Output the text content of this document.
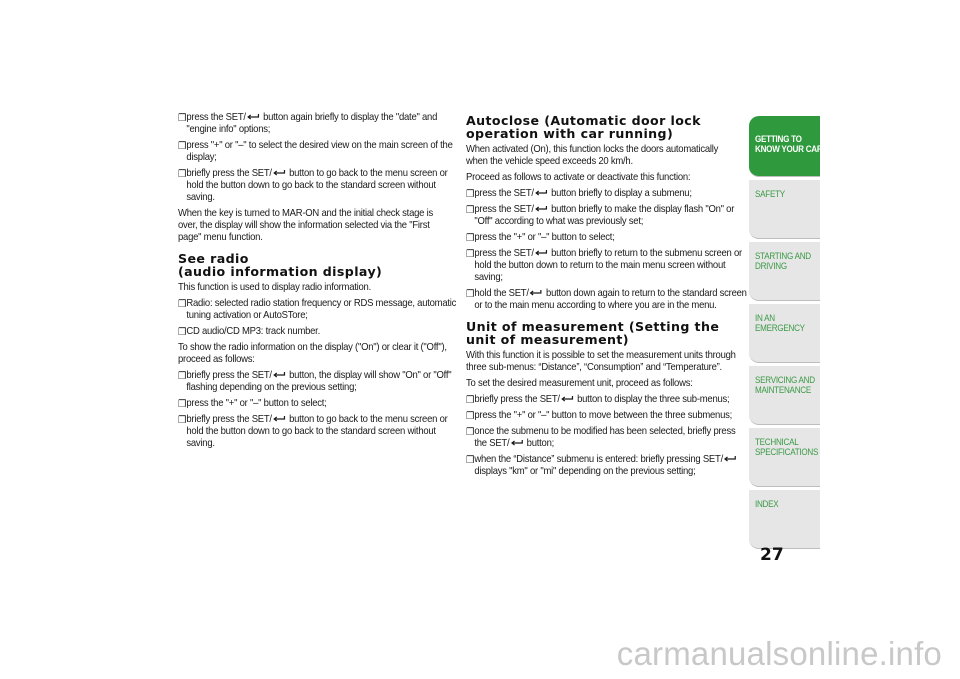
❒ press the SET/ button again briefly to display the "date" and "engine info" options;
❒ press "+" or "–" to select the desired view on the main screen of the display;
❒ briefly press the SET/ button to go back to the menu screen or hold the button down to go back to the standard screen without saving.
When the key is turned to MAR-ON and the initial check stage is over, the display will show the information selected via the "First page" menu function.
See radio
(audio information display)
This function is used to display radio information.
❒ Radio: selected radio station frequency or RDS message, automatic tuning activation or AutoSTore;
❒ CD audio/CD MP3: track number.
To show the radio information on the display ("On") or clear it ("Off"), proceed as follows:
❒ briefly press the SET/ button, the display will show "On" or "Off" flashing depending on the previous setting;
❒ press the "+" or "–" button to select;
❒ briefly press the SET/ button to go back to the menu screen or hold the button down to go back to the standard screen without saving.
Autoclose (Automatic door lock
operation with car running)
When activated (On), this function locks the doors automatically when the vehicle speed exceeds 20 km/h.
Proceed as follows to activate or deactivate this function:
❒ press the SET/ button briefly to display a submenu;
❒ press the SET/ button briefly to make the display flash "On" or "Off" according to what was previously set;
❒ press the "+" or "–" button to select;
❒ press the SET/ button briefly to return to the submenu screen or hold the button down to return to the main menu screen without saving;
❒ hold the SET/ button down again to return to the standard screen or to the main menu according to where you are in the menu.
Unit of measurement (Setting the
unit of measurement)
With this function it is possible to set the measurement units through three sub-menus: “Distance”, “Consumption” and “Temperature”.
To set the desired measurement unit, proceed as follows:
❒ briefly press the SET/ button to display the three sub-menus;
❒ press the "+" or "–" button to move between the three submenus;
❒ once the submenu to be modified has been selected, briefly press the SET/ button;
❒ when the “Distance” submenu is entered: briefly pressing SET/ displays "km" or "mi" depending on the previous setting;
GETTING TO KNOW YOUR CAR
SAFETY
STARTING AND DRIVING
IN AN EMERGENCY
SERVICING AND MAINTENANCE
TECHNICAL SPECIFICATIONS
INDEX
27
carmanualsonline.info
